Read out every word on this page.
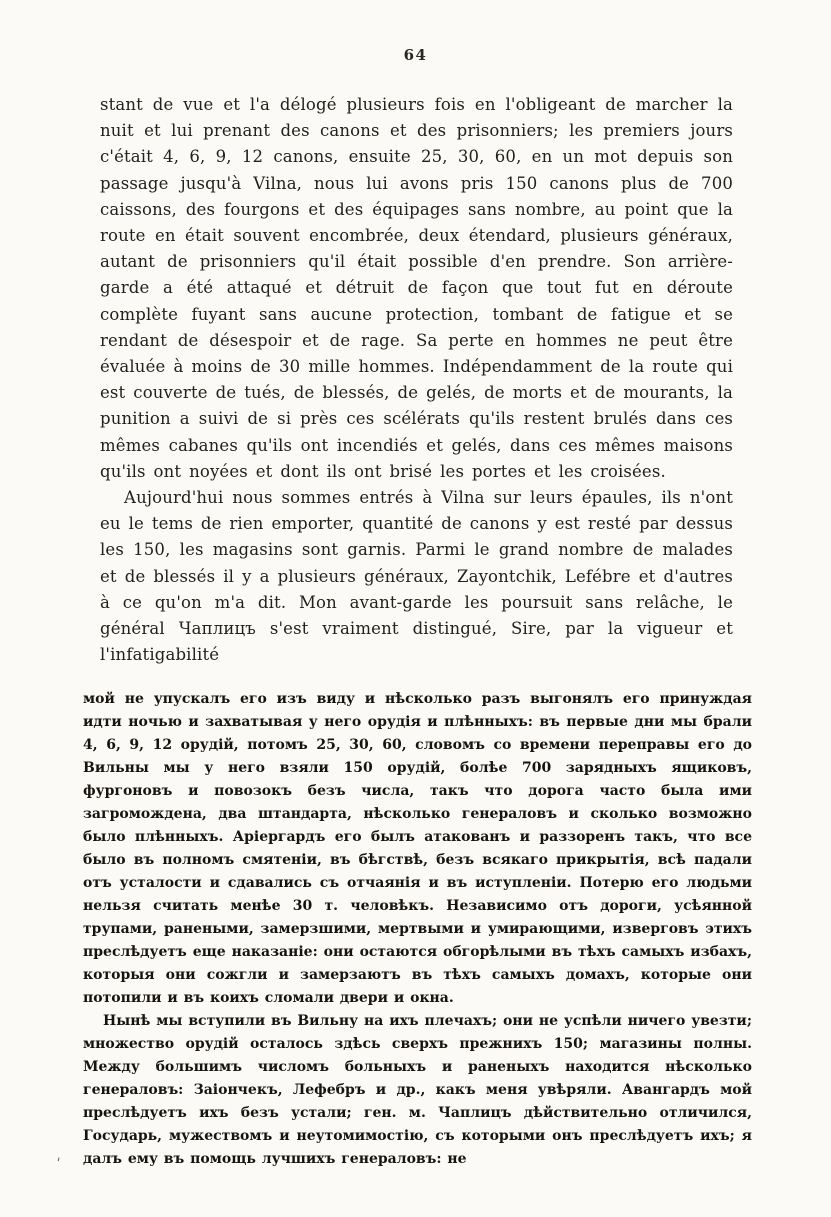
64

stant de vue et l'a délogé plusieurs fois en l'obligeant de marcher la nuit et lui prenant des canons et des prisonniers; les premiers jours c'était 4, 6, 9, 12 canons, ensuite 25, 30, 60, en un mot depuis son passage jusqu'à Vilna, nous lui avons pris 150 canons plus de 700 caissons, des fourgons et des équipages sans nombre, au point que la route en était souvent encombrée, deux étendard, plusieurs généraux, autant de prisonniers qu'il était possible d'en prendre. Son arrière-garde a été attaqué et détruit de façon que tout fut en déroute complète fuyant sans aucune protection, tombant de fatigue et se rendant de désespoir et de rage. Sa perte en hommes ne peut être évaluée à moins de 30 mille hommes. Indépendamment de la route qui est couverte de tués, de blessés, de gelés, de morts et de mourants, la punition a suivi de si près ces scélérats qu'ils restent brulés dans ces mêmes cabanes qu'ils ont incendiés et gelés, dans ces mêmes maisons qu'ils ont noyées et dont ils ont brisé les portes et les croisées.

Aujourd'hui nous sommes entrés à Vilna sur leurs épaules, ils n'ont eu le tems de rien emporter, quantité de canons y est resté par dessus les 150, les magasins sont garnis. Parmi le grand nombre de malades et de blessés il y a plusieurs généraux, Zayontchik, Lefébre et d'autres à ce qu'on m'a dit. Mon avant-garde les poursuit sans relâche, le général Чаплицъ s'est vraiment distingué, Sire, par la vigueur et l'infatigabilité

мой не упускалъ его изъ виду и нѣсколько разъ выгонялъ его принуждая идти ночью и захватывая у него орудія и плѣнныхъ: въ первые дни мы брали 4, 6, 9, 12 орудій, потомъ 25, 30, 60, словомъ со времени переправы его до Вильны мы у него взяли 150 орудій, болѣе 700 зарядныхъ ящиковъ, фургоновъ и повозокъ безъ числа, такъ что дорога часто была ими загромождена, два штандарта, нѣсколько генераловъ и сколько возможно было плѣнныхъ. Аріергардъ его былъ атакованъ и раззоренъ такъ, что все было въ полномъ смятеніи, въ бѣгствѣ, безъ всякаго прикрытія, всѣ падали отъ усталости и сдавались съ отчаянія и въ иступленіи. Потерю его людьми нельзя считать менѣе 30 т. человѣкъ. Независимо отъ дороги, усѣянной трупами, ранеными, замерзшими, мертвыми и умирающими, изверговъ этихъ преслѣдуетъ еще наказаніе: они остаются обгорѣлыми въ тѣхъ самыхъ избахъ, которыя они сожгли и замерзаютъ въ тѣхъ самыхъ домахъ, которые они потопили и въ коихъ сломали двери и окна.

Нынѣ мы вступили въ Вильну на ихъ плечахъ; они не успѣли ничего увезти; множество орудій осталось здѣсь сверхъ прежнихъ 150; магазины полны. Между большимъ числомъ больныхъ и раненыхъ находится нѣсколько генераловъ: Заіончекъ, Лефебръ и др., какъ меня увѣряли. Авангардъ мой преслѣдуетъ ихъ безъ устали; ген. м. Чаплицъ дѣйствительно отличился, Государь, мужествомъ и неутомимостію, съ которыми онъ преслѣдуетъ ихъ; я далъ ему въ помощь лучшихъ генераловъ: не

'
